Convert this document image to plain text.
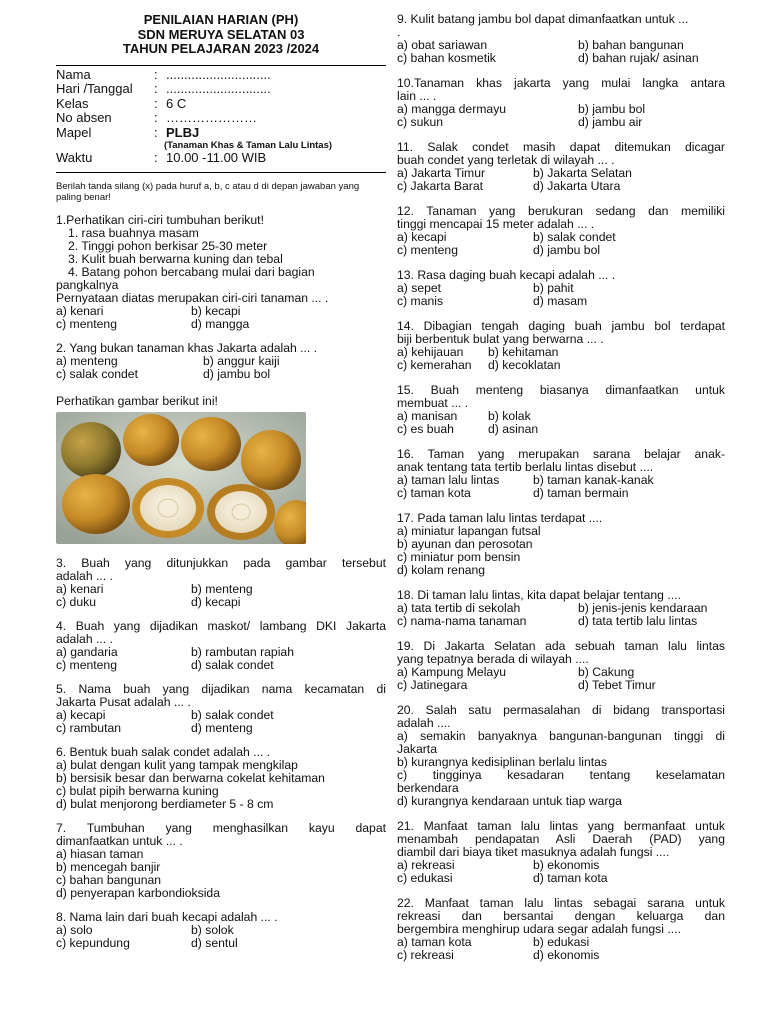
PENILAIAN HARIAN (PH)
SDN MERUYA SELATAN 03
TAHUN PELAJARAN 2023 /2024
Nama	: .............................
Hari /Tanggal	: .............................
Kelas	: 6 C
No absen	: …………………
Mapel	: PLBJ
(Tanaman Khas & Taman Lalu Lintas)
Waktu	: 10.00 -11.00 WIB
Berilah tanda silang (x) pada huruf a, b, c atau d di depan jawaban yang paling benar!
1.Perhatikan ciri-ciri tumbuhan berikut!
1. rasa buahnya masam
2. Tinggi pohon berkisar 25-30 meter
3. Kulit buah berwarna kuning dan tebal
4. Batang pohon bercabang mulai dari bagian
pangkalnya
Pernyataan diatas merupakan ciri-ciri tanaman ... .
a) kenari	b) kecapi
c) menteng	d) mangga
2. Yang bukan tanaman khas Jakarta adalah ... .
a) menteng	b) anggur kaiji
c) salak condet	d) jambu bol
Perhatikan gambar berikut ini!
3. Buah yang ditunjukkan pada gambar tersebut
adalah ... .
a) kenari	b) menteng
c) duku	d) kecapi
4. Buah yang dijadikan maskot/ lambang DKI Jakarta
adalah ... .
a) gandaria	b) rambutan rapiah
c) menteng	d) salak condet
5. Nama buah yang dijadikan nama kecamatan di
Jakarta Pusat adalah ... .
a) kecapi	b) salak condet
c) rambutan	d) menteng
6. Bentuk buah salak condet adalah ... .
a) bulat dengan kulit yang tampak mengkilap
b) bersisik besar dan berwarna cokelat kehitaman
c) bulat pipih berwarna kuning
d) bulat menjorong berdiameter 5 - 8 cm
7. Tumbuhan yang menghasilkan kayu dapat
dimanfaatkan untuk ... .
a) hiasan taman
b) mencegah banjir
c) bahan bangunan
d) penyerapan karbondioksida
8. Nama lain dari buah kecapi adalah ... .
a) solo	b) solok
c) kepundung	d) sentul
9. Kulit batang jambu bol dapat dimanfaatkan untuk ...
.
a) obat sariawan	b) bahan bangunan
c) bahan kosmetik	d) bahan rujak/ asinan
10.Tanaman khas jakarta yang mulai langka antara
lain ... .
a) mangga dermayu	b) jambu bol
c) sukun	d) jambu air
11. Salak condet masih dapat ditemukan dicagar
buah condet yang terletak di wilayah ... .
a) Jakarta Timur	b) Jakarta Selatan
c) Jakarta Barat	d) Jakarta Utara
12. Tanaman yang berukuran sedang dan memiliki
tinggi mencapai 15 meter adalah ... .
a) kecapi	b) salak condet
c) menteng	d) jambu bol
13. Rasa daging buah kecapi adalah ... .
a) sepet	b) pahit
c) manis	d) masam
14. Dibagian tengah daging buah jambu bol terdapat
biji berbentuk bulat yang berwarna ... .
a) kehijauan	b) kehitaman
c) kemerahan	d) kecoklatan
15. Buah menteng biasanya dimanfaatkan untuk
membuat ... .
a) manisan	b) kolak
c) es buah	d) asinan
16. Taman yang merupakan sarana belajar anak-
anak tentang tata tertib berlalu lintas disebut ....
a) taman lalu lintas	b) taman kanak-kanak
c) taman kota	d) taman bermain
17. Pada taman lalu lintas terdapat ....
a) miniatur lapangan futsal
b) ayunan dan perosotan
c) miniatur pom bensin
d) kolam renang
18. Di taman lalu lintas, kita dapat belajar tentang ....
a) tata tertib di sekolah	b) jenis-jenis kendaraan
c) nama-nama tanaman	d) tata tertib lalu lintas
19. Di Jakarta Selatan ada sebuah taman lalu lintas
yang tepatnya berada di wilayah ....
a) Kampung Melayu	b) Cakung
c) Jatinegara	d) Tebet Timur
20. Salah satu permasalahan di bidang transportasi
adalah ....
a) semakin banyaknya bangunan-bangunan tinggi di
Jakarta
b) kurangnya kedisiplinan berlalu lintas
c) tingginya kesadaran tentang keselamatan
berkendara
d) kurangnya kendaraan untuk tiap warga
21. Manfaat taman lalu lintas yang bermanfaat untuk
menambah pendapatan Asli Daerah (PAD) yang
diambil dari biaya tiket masuknya adalah fungsi ....
a) rekreasi	b) ekonomis
c) edukasi	d) taman kota
22. Manfaat taman lalu lintas sebagai sarana untuk
rekreasi dan bersantai dengan keluarga dan
bergembira menghirup udara segar adalah fungsi ....
a) taman kota	b) edukasi
c) rekreasi	d) ekonomis
